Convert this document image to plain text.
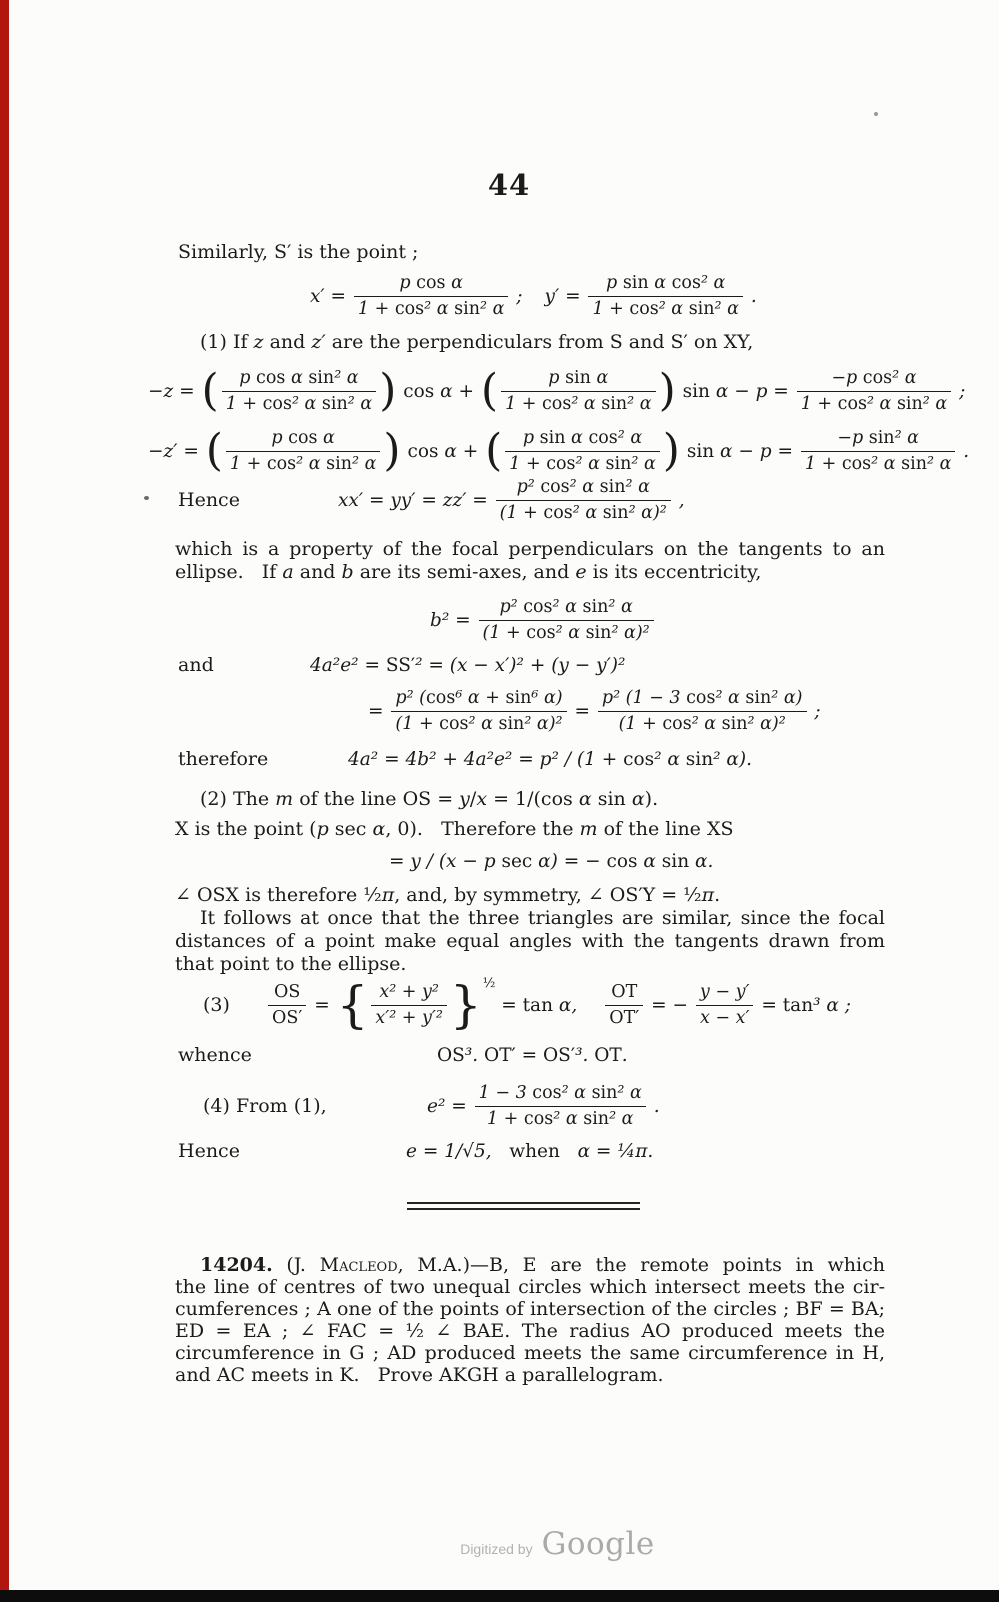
44
Similarly, S′ is the point ;
$x' = \frac{\text{p cos α}}{\text{1 + cos² α sin² α}}$ ; $y' = \frac{\text{p sin α cos² α}}{\text{1 + cos² α sin² α}}$ .
(1) If z and z′ are the perpendiculars from S and S′ on XY,
−z = ( $\frac{\text{p cos α sin² α}}{\text{1 + cos² α sin² α}}$ ) cos α + ( $\frac{\text{p sin α}}{\text{1 + cos² α sin² α}}$ ) $\sin \alpha - p = \frac{\text{−p cos² α}}{\text{1 + cos² α sin² α}}$ ;
−z′ = ( $\frac{\text{p cos α}}{\text{1 + cos² α sin² α}}$ ) cos α + ( $\frac{\text{p sin α cos² α}}{\text{1 + cos² α sin² α}}$ ) $\sin \alpha - p = \frac{\text{−p sin² α}}{\text{1 + cos² α sin² α}}$ .
Hence	$xx' = yy' = zz' = \frac{\text{p² cos² α sin² α}}{\text{(1 + cos² α sin² α)²}}$ ,
which is a property of the focal perpendiculars on the tangents to an
ellipse.   If a and b are its semi-axes, and e is its eccentricity,
$b^2 = \frac{\text{p² cos² α sin² α}}{\text{(1 + cos² α sin² α)²}}$
and	4a²e² = SS′² = (x − x′)² + (y − y′)²
= $\frac{\text{p² (cos⁶ α + sin⁶ α)}}{\text{(1 + cos² α sin² α)²}} = \frac{\text{p² (1 − 3 cos² α sin² α)}}{\text{(1 + cos² α sin² α)²}}$ ;
therefore	4a² = 4b² + 4a²e² = p² / (1 + cos² α sin² α).
(2) The m of the line OS = y/x = 1/(cos α sin α).
X is the point (p sec α, 0).   Therefore the m of the line XS
= y / (x − p sec α) = − cos α sin α.
∠ OSX is therefore ½π, and, by symmetry, ∠ OS′Y = ½π.
It follows at once that the three triangles are similar, since the focal
distances of a point make equal angles with the tangents drawn from
that point to the ellipse.
$(3) \frac{OS}{OS'}$ = { $\frac{\text{x² + y²}}{\text{x′² + y′²}}$ } ½
= tan α, $\frac{OT}{OT'}$ = − $\frac{y - y'}{x - x'} = \tan^3$ α ;
whence	OS³. OT′ = OS′³. OT.
(4) From (1),	$e^2 = \frac{\text{1 − 3 cos² α sin² α}}{\text{1 + cos² α sin² α}}$ .
Hence	e = 1/√5,   when   α = ¼π.
14204. (J. Macleod, M.A.)—B, E are the remote points in which
the line of centres of two unequal circles which intersect meets the cir-
cumferences ; A one of the points of intersection of the circles ; BF = BA;
ED = EA ; ∠ FAC = ½ ∠ BAE. The radius AO produced meets the
circumference in G ; AD produced meets the same circumference in H,
and AC meets in K.   Prove AKGH a parallelogram.
Digitized by Google
